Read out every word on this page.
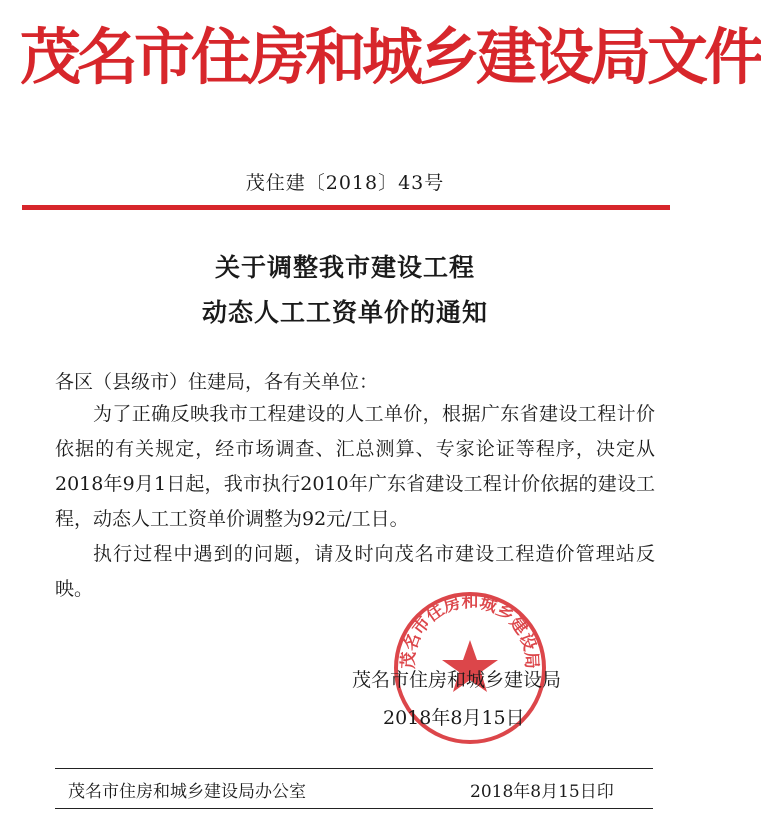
茂名市住房和城乡建设局文件
茂住建〔2018〕43号
关于调整我市建设工程
动态人工工资单价的通知
各区（县级市）住建局，各有关单位：

为了正确反映我市工程建设的人工单价，根据广东省建设工程计价依据的有关规定，经市场调查、汇总测算、专家论证等程序，决定从2018年9月1日起，我市执行2010年广东省建设工程计价依据的建设工程，动态人工工资单价调整为92元/工日。

执行过程中遇到的问题，请及时向茂名市建设工程造价管理站反映。

茂名市住房和城乡建设局
茂名市住房和城乡建设局
2018年8月15日
茂名市住房和城乡建设局办公室	2018年8月15日印
